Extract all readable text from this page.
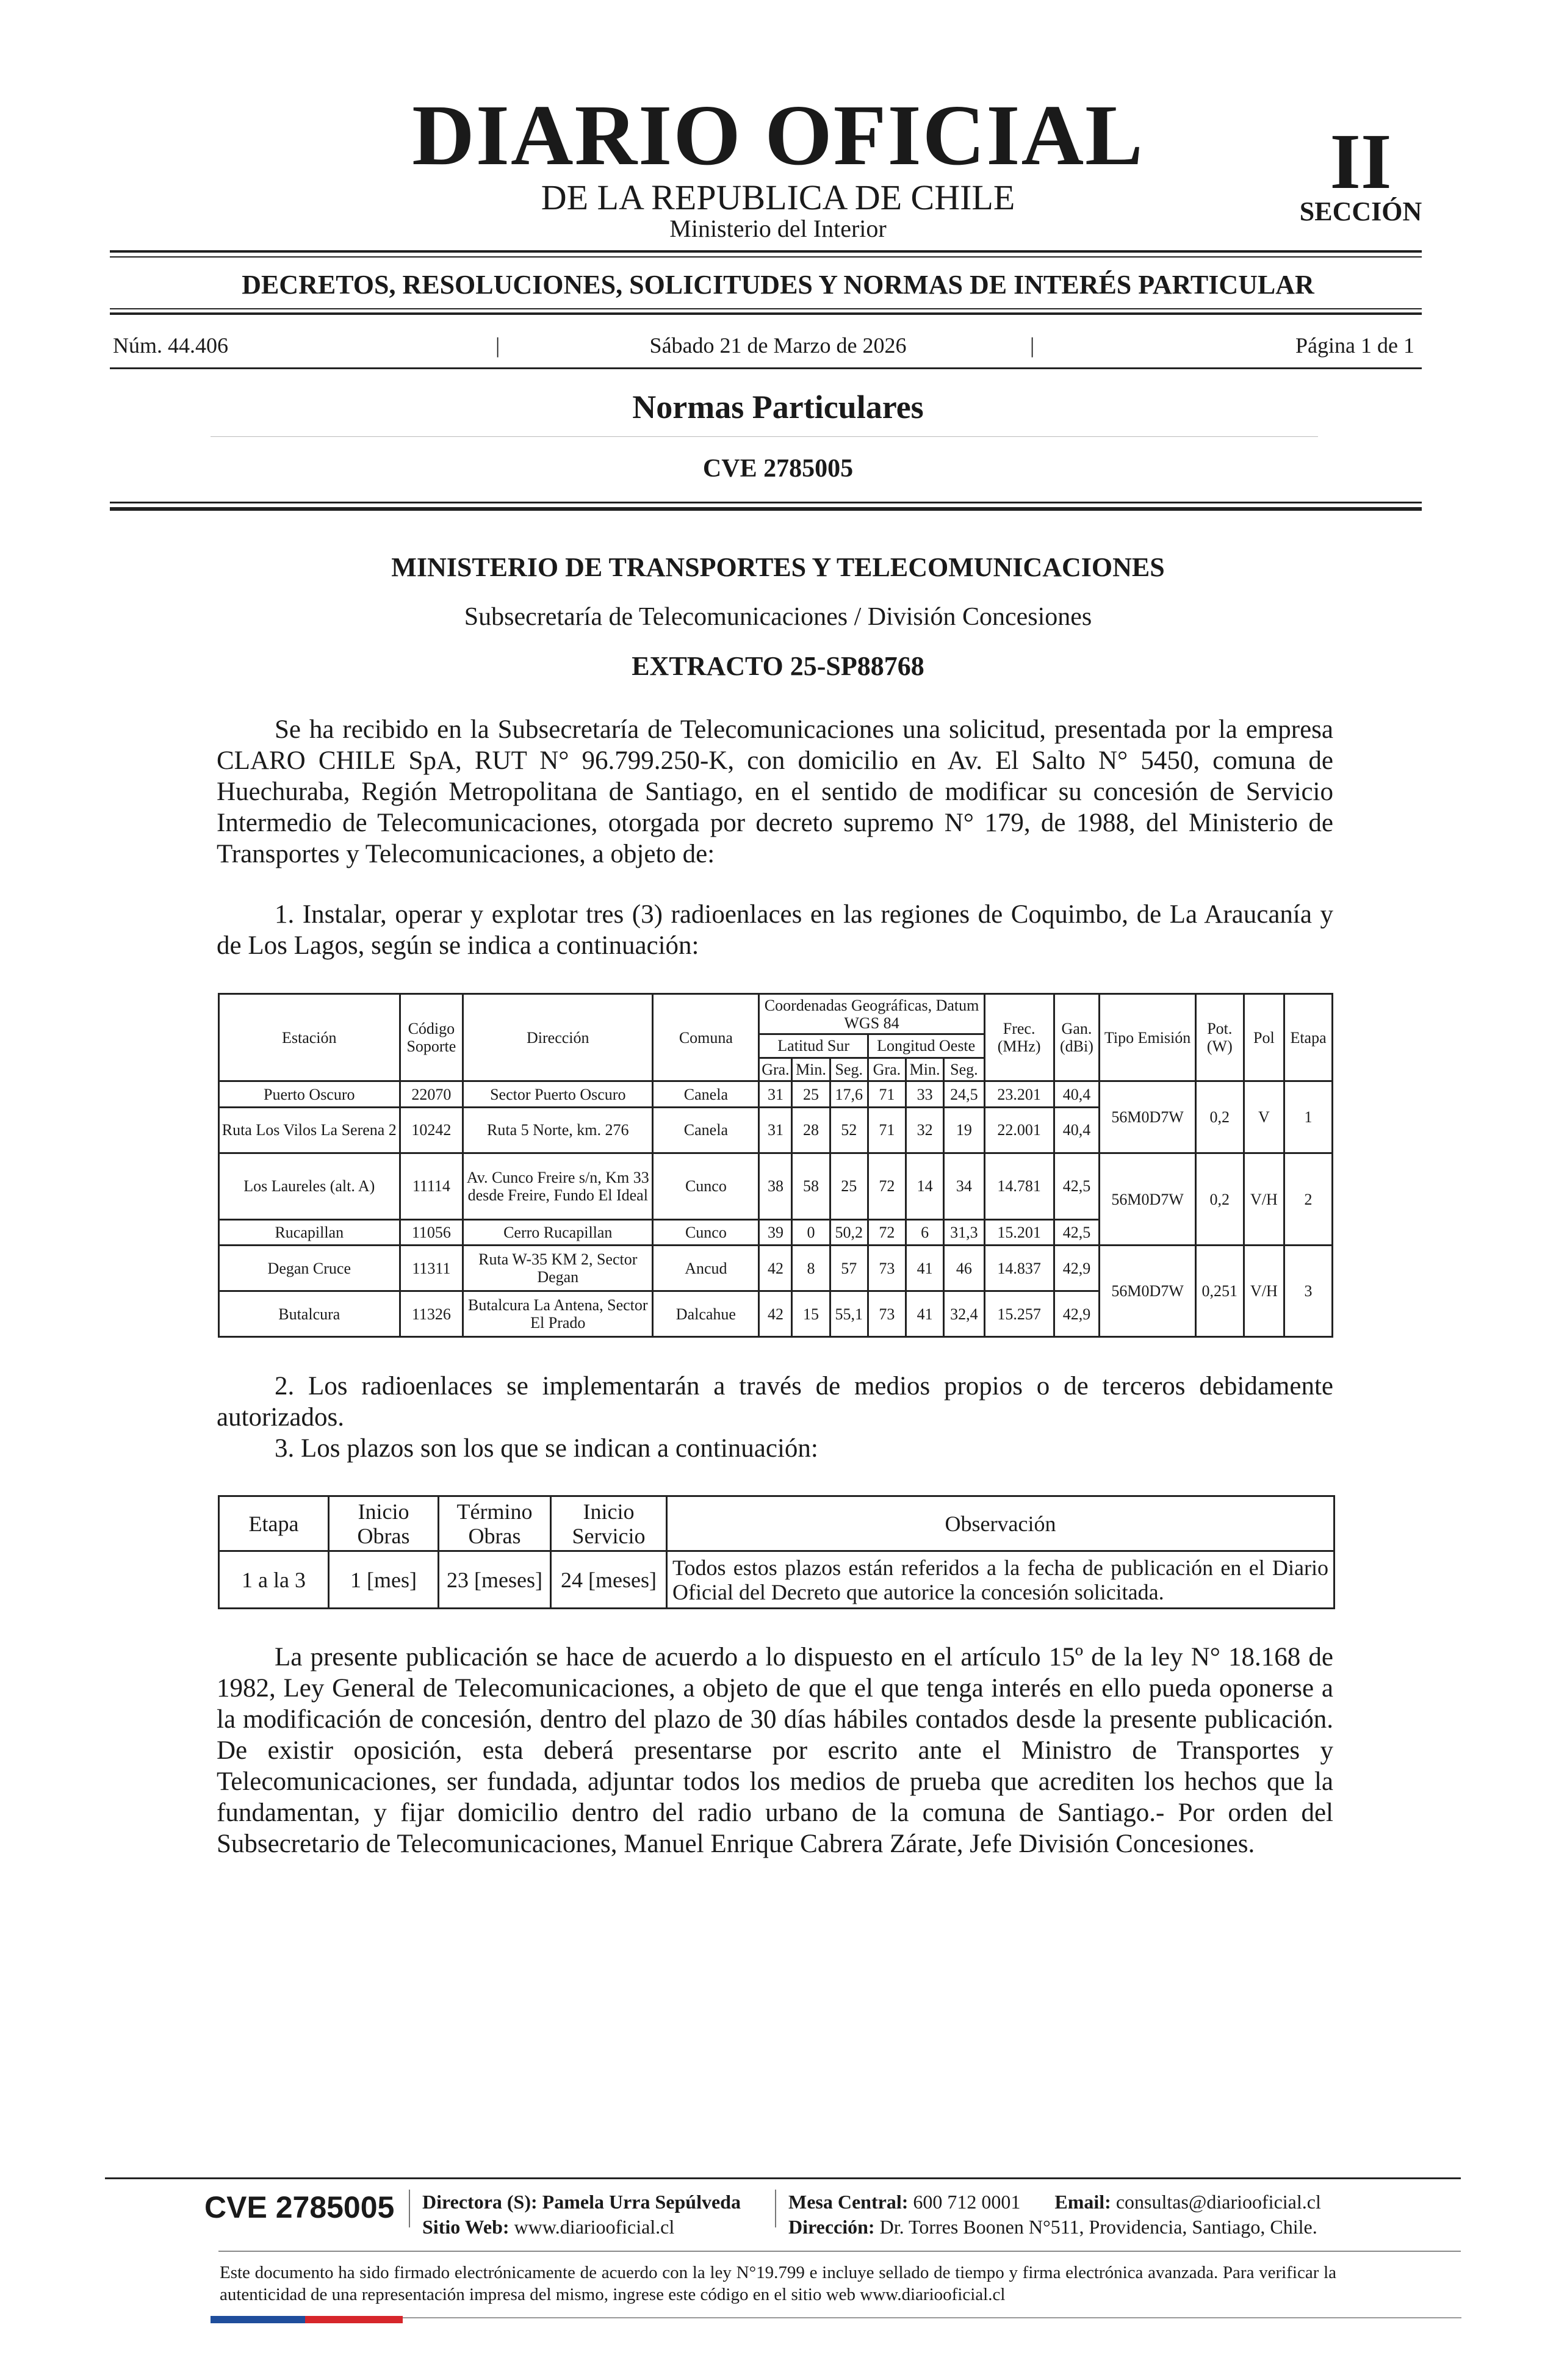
DIARIO OFICIAL
DE LA REPUBLICA DE CHILE
Ministerio del Interior
II
SECCIÓN
DECRETOS, RESOLUCIONES, SOLICITUDES Y NORMAS DE INTERÉS PARTICULAR
Núm. 44.406	|	Sábado 21 de Marzo de 2026	|	Página 1 de 1
Normas Particulares
CVE 2785005
MINISTERIO DE TRANSPORTES Y TELECOMUNICACIONES
Subsecretaría de Telecomunicaciones / División Concesiones
EXTRACTO 25-SP88768
Se ha recibido en la Subsecretaría de Telecomunicaciones una solicitud, presentada por la empresa CLARO CHILE SpA, RUT N° 96.799.250-K, con domicilio en Av. El Salto N° 5450, comuna de Huechuraba, Región Metropolitana de Santiago, en el sentido de modificar su concesión de Servicio Intermedio de Telecomunicaciones, otorgada por decreto supremo N° 179, de 1988, del Ministerio de Transportes y Telecomunicaciones, a objeto de:
1. Instalar, operar y explotar tres (3) radioenlaces en las regiones de Coquimbo, de La Araucanía y de Los Lagos, según se indica a continuación:
Estación	Código Soporte	Dirección	Comuna	Coordenadas Geográficas, Datum WGS 84						Frec. (MHz)	Gan. (dBi)	Tipo Emisión	Pot. (W)	Pol	Etapa
				Latitud Sur			Longitud Oeste								
				Gra.	Min.	Seg.	Gra.	Min.	Seg.						
Puerto Oscuro	22070	Sector Puerto Oscuro	Canela	31	25	17,6	71	33	24,5	23.201	40,4	56M0D7W	0,2	V	1
Ruta Los Vilos La Serena 2	10242	Ruta 5 Norte, km. 276	Canela	31	28	52	71	32	19	22.001	40,4				
Los Laureles (alt. A)	11114	Av. Cunco Freire s/n, Km 33 desde Freire, Fundo El Ideal	Cunco	38	58	25	72	14	34	14.781	42,5	56M0D7W	0,2	V/H	2
Rucapillan	11056	Cerro Rucapillan	Cunco	39	0	50,2	72	6	31,3	15.201	42,5				
Degan Cruce	11311	Ruta W-35 KM 2, Sector Degan	Ancud	42	8	57	73	41	46	14.837	42,9	56M0D7W	0,251	V/H	3
Butalcura	11326	Butalcura La Antena, Sector El Prado	Dalcahue	42	15	55,1	73	41	32,4	15.257	42,9				
2. Los radioenlaces se implementarán a través de medios propios o de terceros debidamente autorizados.
3. Los plazos son los que se indican a continuación:
Etapa	Inicio Obras	Término Obras	Inicio Servicio	Observación
1 a la 3	1 [mes]	23 [meses]	24 [meses]	Todos estos plazos están referidos a la fecha de publicación en el Diario Oficial del Decreto que autorice la concesión solicitada.
La presente publicación se hace de acuerdo a lo dispuesto en el artículo 15º de la ley N° 18.168 de 1982, Ley General de Telecomunicaciones, a objeto de que el que tenga interés en ello pueda oponerse a la modificación de concesión, dentro del plazo de 30 días hábiles contados desde la presente publicación. De existir oposición, esta deberá presentarse por escrito ante el Ministro de Transportes y Telecomunicaciones, ser fundada, adjuntar todos los medios de prueba que acrediten los hechos que la fundamentan, y fijar domicilio dentro del radio urbano de la comuna de Santiago.- Por orden del Subsecretario de Telecomunicaciones, Manuel Enrique Cabrera Zárate, Jefe División Concesiones.
CVE 2785005 Directora (S): Pamela Urra Sepúlveda
Sitio Web: www.diariooficial.cl
Mesa Central: 600 712 0001 Email: consultas@diariooficial.cl
Dirección: Dr. Torres Boonen N°511, Providencia, Santiago, Chile.
Este documento ha sido firmado electrónicamente de acuerdo con la ley N°19.799 e incluye sellado de tiempo y firma electrónica avanzada. Para verificar la autenticidad de una representación impresa del mismo, ingrese este código en el sitio web www.diariooficial.cl
